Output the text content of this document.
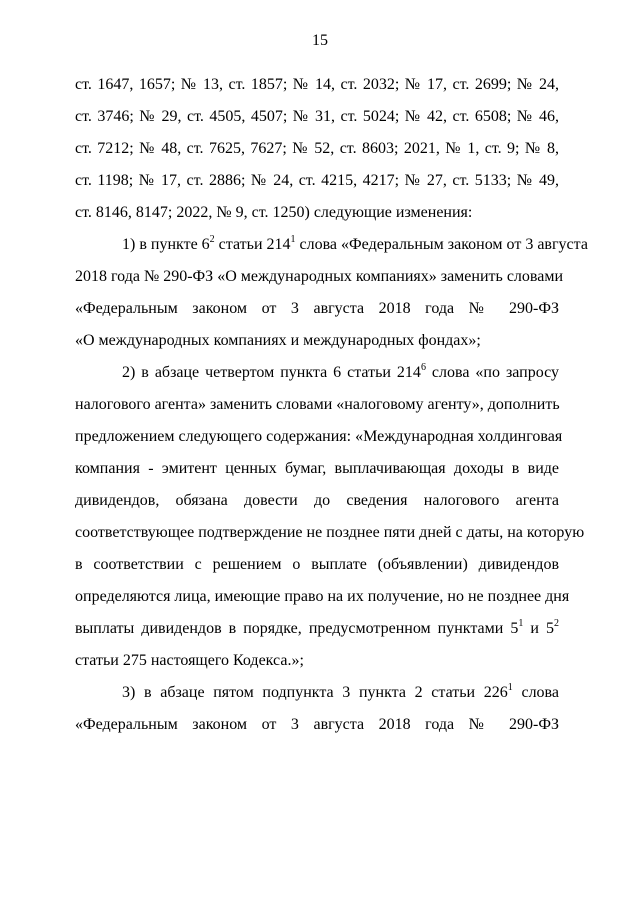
15
ст. 1647, 1657; № 13, ст. 1857; № 14, ст. 2032; № 17, ст. 2699; № 24,
ст. 3746; № 29, ст. 4505, 4507; № 31, ст. 5024; № 42, ст. 6508; № 46,
ст. 7212; № 48, ст. 7625, 7627; № 52, ст. 8603; 2021, № 1, ст. 9; № 8,
ст. 1198; № 17, ст. 2886; № 24, ст. 4215, 4217; № 27, ст. 5133; № 49,
ст. 8146, 8147; 2022, № 9, ст. 1250) следующие изменения:
1) в пункте $6^2$ статьи $214^1$ слова «Федеральным законом от 3 августа
2018 года № 290-ФЗ «О международных компаниях» заменить словами
«Федеральным законом от 3 августа 2018 года № 290-ФЗ
«О международных компаниях и международных фондах»;
2) в абзаце четвертом пункта 6 статьи $214^6$ слова «по запросу
налогового агента» заменить словами «налоговому агенту», дополнить
предложением следующего содержания: «Международная холдинговая
компания - эмитент ценных бумаг, выплачивающая доходы в виде
дивидендов, обязана довести до сведения налогового агента
соответствующее подтверждение не позднее пяти дней с даты, на которую
в соответствии с решением о выплате (объявлении) дивидендов
определяются лица, имеющие право на их получение, но не позднее дня
выплаты дивидендов в порядке, предусмотренном пунктами $5^1$ и $5^2$
статьи 275 настоящего Кодекса.»;
3) в абзаце пятом подпункта 3 пункта 2 статьи $226^1$ слова
«Федеральным законом от 3 августа 2018 года № 290-ФЗ
